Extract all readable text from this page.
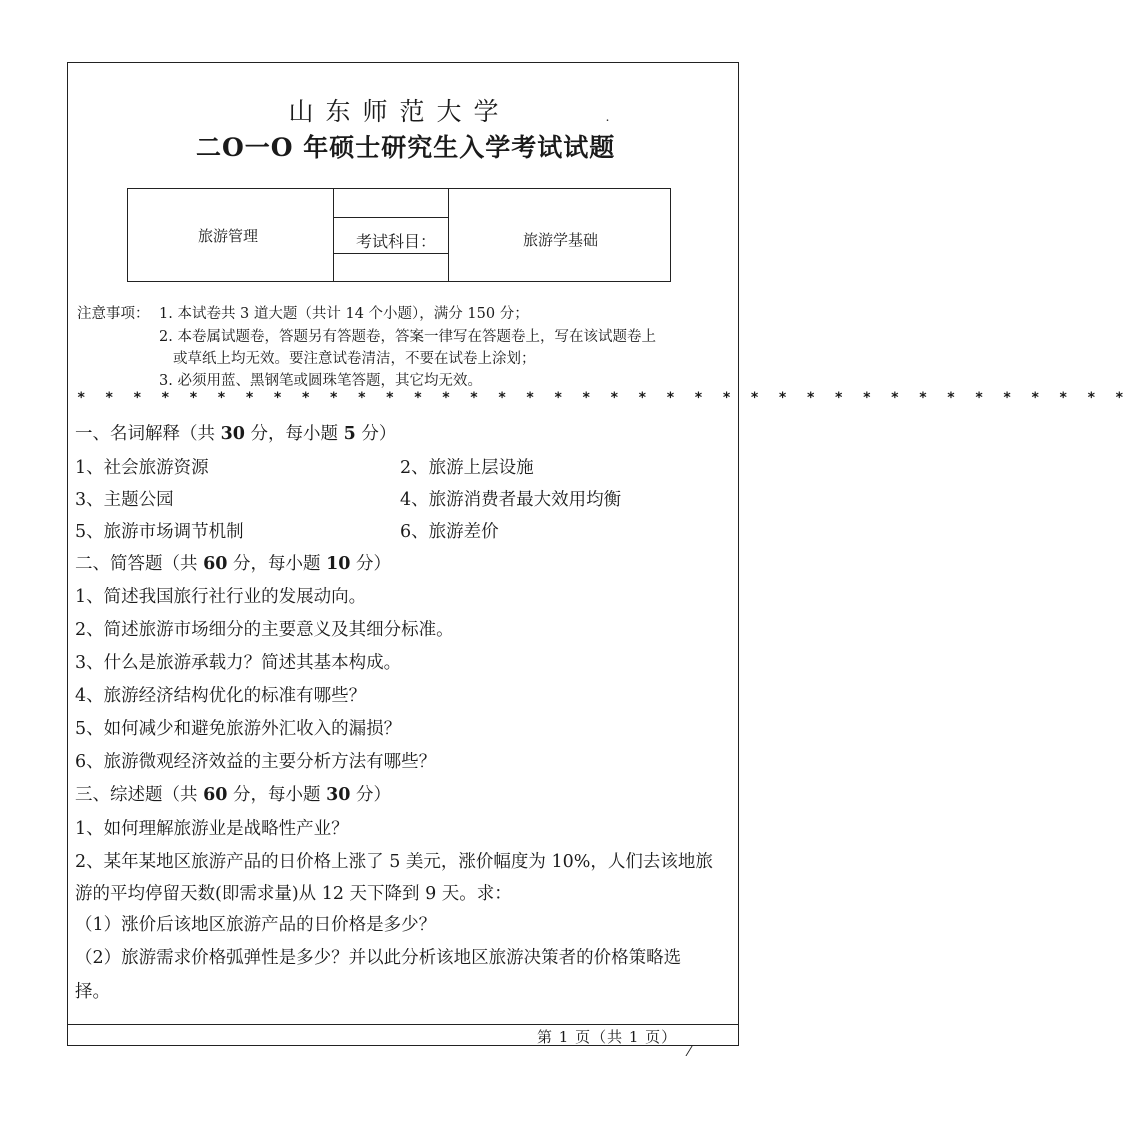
山东师范大学
二O一O 年硕士研究生入学考试试题
旅游管理	考试科目：	旅游学基础
注意事项： 1. 本试卷共 3 道大题（共计 14 个小题），满分 150 分；
2. 本卷属试题卷，答题另有答题卷，答案一律写在答题卷上，写在该试题卷上
或草纸上均无效。要注意试卷清洁，不要在试卷上涂划；
3. 必须用蓝、黑钢笔或圆珠笔答题，其它均无效。
* * * * * * * * * * * * * * * * * * * * * * * * * * * * * * * * * * * * * *
一、名词解释（共 30 分，每小题 5 分）
1、社会旅游资源	2、旅游上层设施
3、主题公园	4、旅游消费者最大效用均衡
5、旅游市场调节机制	6、旅游差价
二、简答题（共 60 分，每小题 10 分）
1、简述我国旅行社行业的发展动向。
2、简述旅游市场细分的主要意义及其细分标准。
3、什么是旅游承载力？简述其基本构成。
4、旅游经济结构优化的标准有哪些？
5、如何减少和避免旅游外汇收入的漏损？
6、旅游微观经济效益的主要分析方法有哪些？
三、综述题（共 60 分，每小题 30 分）
1、如何理解旅游业是战略性产业？
2、某年某地区旅游产品的日价格上涨了 5 美元，涨价幅度为 10%，人们去该地旅
游的平均停留天数(即需求量)从 12 天下降到 9 天。求：
（1）涨价后该地区旅游产品的日价格是多少？
（2）旅游需求价格弧弹性是多少？并以此分析该地区旅游决策者的价格策略选
择。
第 1 页（共 1 页）
˙
⁄
